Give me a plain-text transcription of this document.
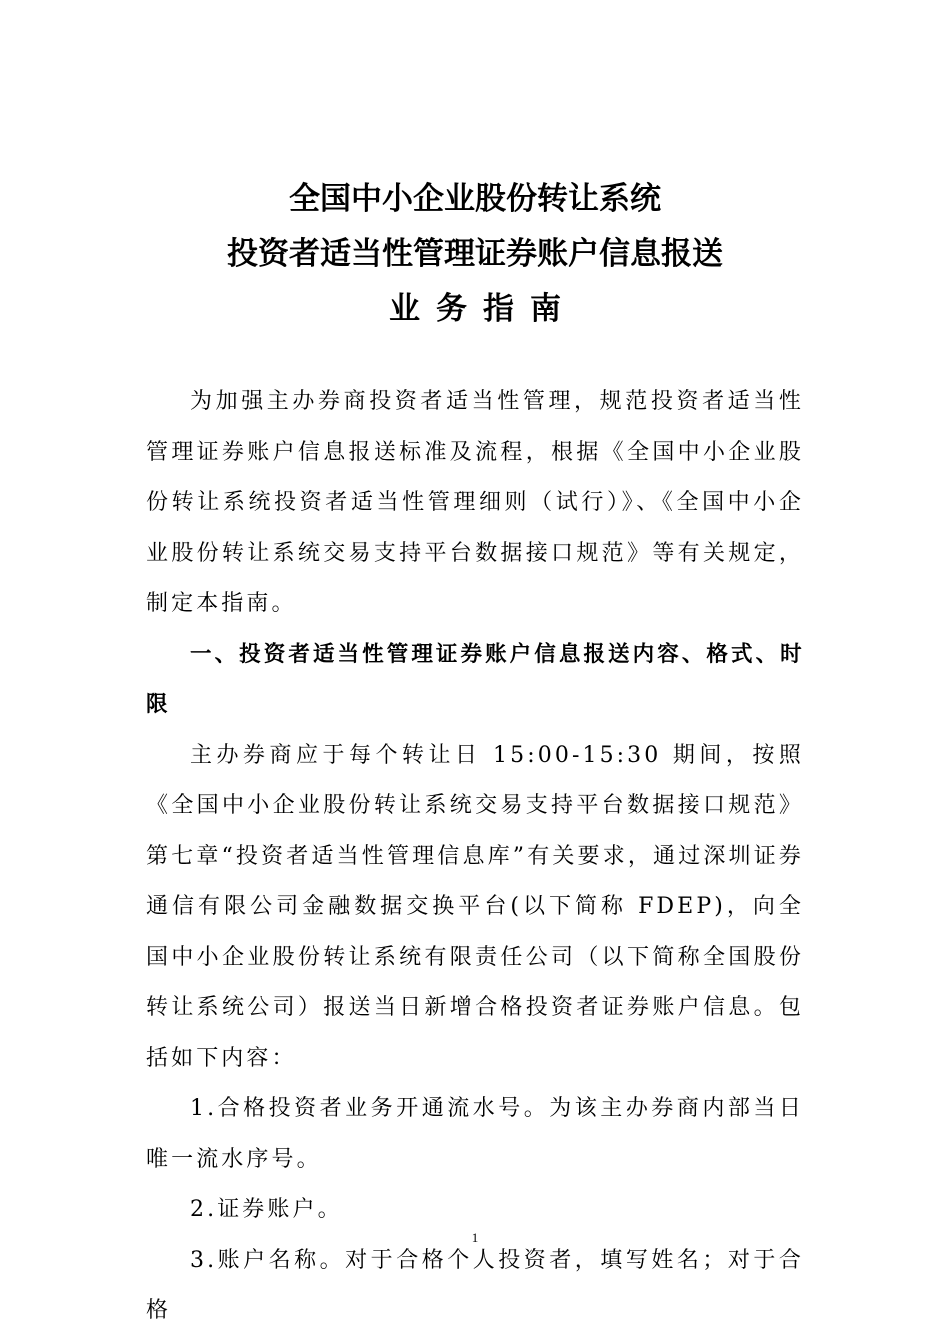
全国中小企业股份转让系统
投资者适当性管理证券账户信息报送
业务指南

为加强主办券商投资者适当性管理，规范投资者适当性管理证券账户信息报送标准及流程，根据《全国中小企业股份转让系统投资者适当性管理细则（试行）》、《全国中小企业股份转让系统交易支持平台数据接口规范》等有关规定，制定本指南。

一、投资者适当性管理证券账户信息报送内容、格式、时限

主办券商应于每个转让日 15:00-15:30 期间，按照《全国中小企业股份转让系统交易支持平台数据接口规范》第七章“投资者适当性管理信息库”有关要求，通过深圳证券通信有限公司金融数据交换平台(以下简称 FDEP)，向全国中小企业股份转让系统有限责任公司（以下简称全国股份转让系统公司）报送当日新增合格投资者证券账户信息。包括如下内容：

1.合格投资者业务开通流水号。为该主办券商内部当日唯一流水序号。

2.证券账户。

3.账户名称。对于合格个人投资者，填写姓名；对于合格

1
